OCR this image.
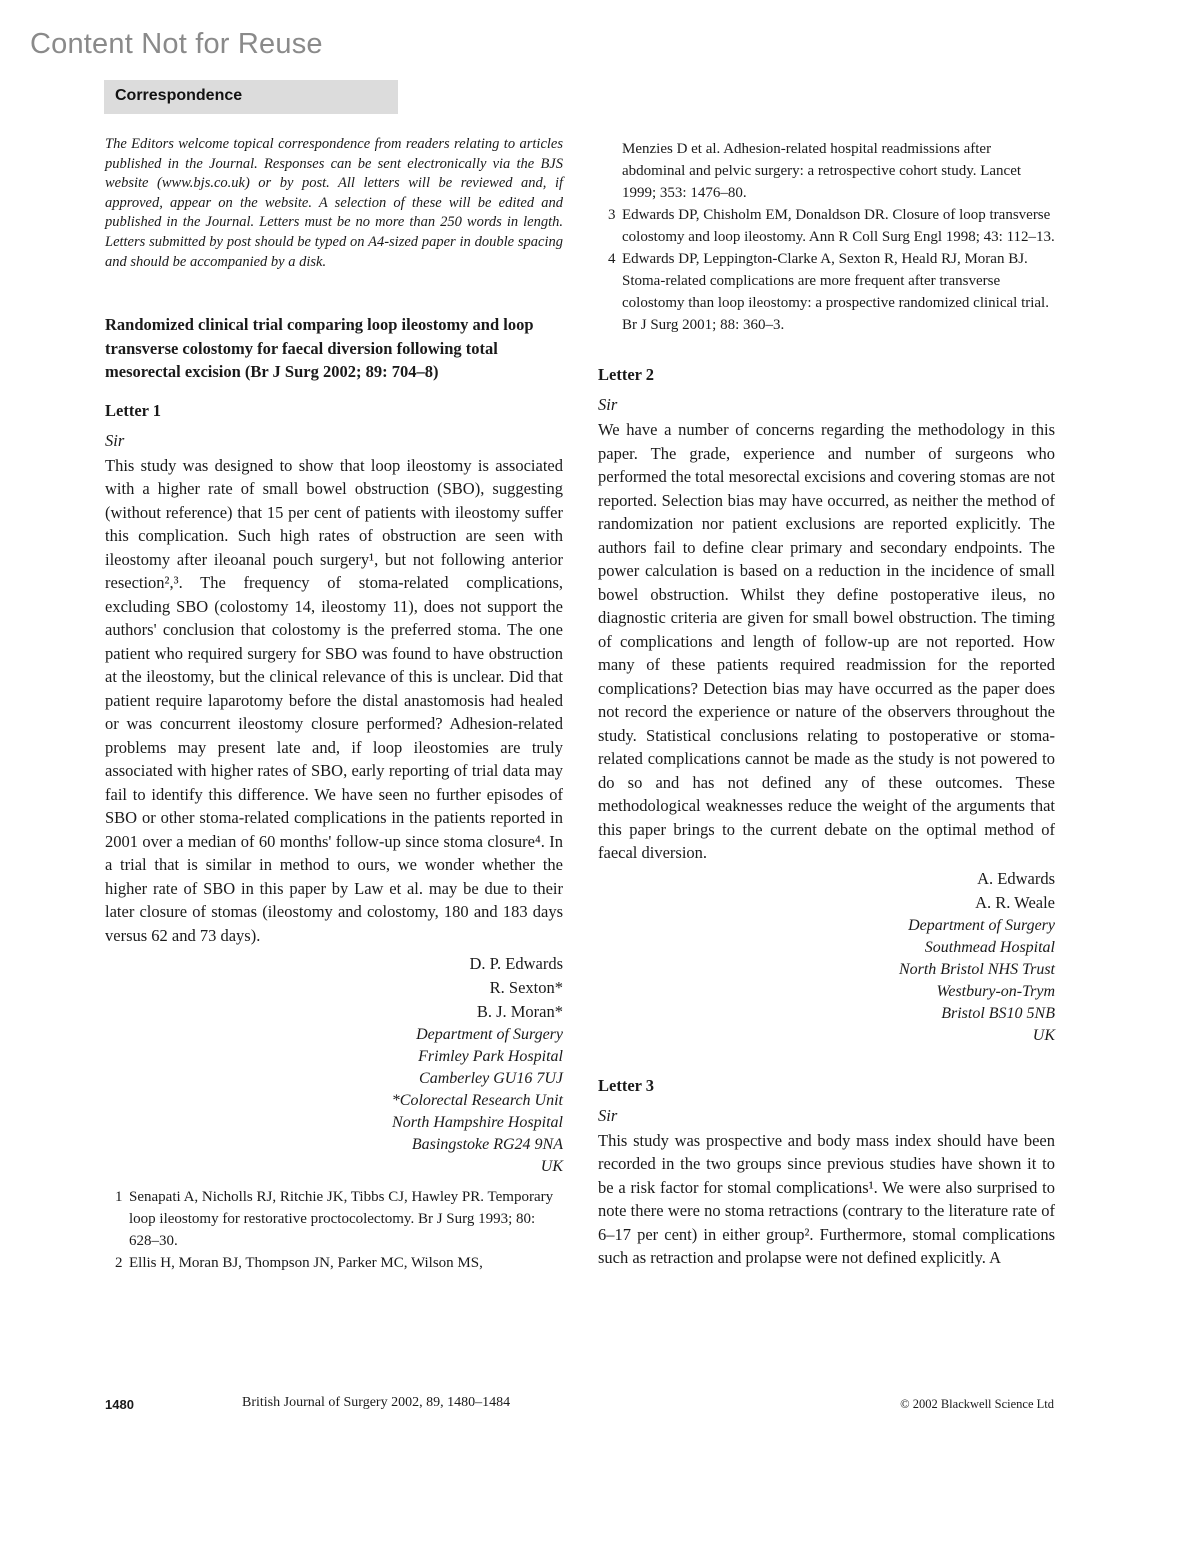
Content Not for Reuse
Correspondence

The Editors welcome topical correspondence from readers relating to articles published in the Journal. Responses can be sent electronically via the BJS website (www.bjs.co.uk) or by post. All letters will be reviewed and, if approved, appear on the website. A selection of these will be edited and published in the Journal. Letters must be no more than 250 words in length. Letters submitted by post should be typed on A4-sized paper in double spacing and should be accompanied by a disk.

Randomized clinical trial comparing loop ileostomy and loop transverse colostomy for faecal diversion following total mesorectal excision (Br J Surg 2002; 89: 704–8)
Letter 1
Sir

This study was designed to show that loop ileostomy is associated with a higher rate of small bowel obstruction (SBO), suggesting (without reference) that 15 per cent of patients with ileostomy suffer this complication. Such high rates of obstruction are seen with ileostomy after ileoanal pouch surgery¹, but not following anterior resection²,³. The frequency of stoma-related complications, excluding SBO (colostomy 14, ileostomy 11), does not support the authors' conclusion that colostomy is the preferred stoma. The one patient who required surgery for SBO was found to have obstruction at the ileostomy, but the clinical relevance of this is unclear. Did that patient require laparotomy before the distal anastomosis had healed or was concurrent ileostomy closure performed? Adhesion-related problems may present late and, if loop ileostomies are truly associated with higher rates of SBO, early reporting of trial data may fail to identify this difference. We have seen no further episodes of SBO or other stoma-related complications in the patients reported in 2001 over a median of 60 months' follow-up since stoma closure⁴. In a trial that is similar in method to ours, we wonder whether the higher rate of SBO in this paper by Law et al. may be due to their later closure of stomas (ileostomy and colostomy, 180 and 183 days versus 62 and 73 days).

D. P. Edwards
R. Sexton*
B. J. Moran*
Department of Surgery
Frimley Park Hospital
Camberley GU16 7UJ
*Colorectal Research Unit
North Hampshire Hospital
Basingstoke RG24 9NA
UK
1 Senapati A, Nicholls RJ, Ritchie JK, Tibbs CJ, Hawley PR. Temporary loop ileostomy for restorative proctocolectomy. Br J Surg 1993; 80: 628–30.
2 Ellis H, Moran BJ, Thompson JN, Parker MC, Wilson MS,
Menzies D et al. Adhesion-related hospital readmissions after abdominal and pelvic surgery: a retrospective cohort study. Lancet 1999; 353: 1476–80.
3 Edwards DP, Chisholm EM, Donaldson DR. Closure of loop transverse colostomy and loop ileostomy. Ann R Coll Surg Engl 1998; 43: 112–13.
4 Edwards DP, Leppington-Clarke A, Sexton R, Heald RJ, Moran BJ. Stoma-related complications are more frequent after transverse colostomy than loop ileostomy: a prospective randomized clinical trial. Br J Surg 2001; 88: 360–3.
Letter 2
Sir

We have a number of concerns regarding the methodology in this paper. The grade, experience and number of surgeons who performed the total mesorectal excisions and covering stomas are not reported. Selection bias may have occurred, as neither the method of randomization nor patient exclusions are reported explicitly. The authors fail to define clear primary and secondary endpoints. The power calculation is based on a reduction in the incidence of small bowel obstruction. Whilst they define postoperative ileus, no diagnostic criteria are given for small bowel obstruction. The timing of complications and length of follow-up are not reported. How many of these patients required readmission for the reported complications? Detection bias may have occurred as the paper does not record the experience or nature of the observers throughout the study. Statistical conclusions relating to postoperative or stoma-related complications cannot be made as the study is not powered to do so and has not defined any of these outcomes. These methodological weaknesses reduce the weight of the arguments that this paper brings to the current debate on the optimal method of faecal diversion.

A. Edwards
A. R. Weale
Department of Surgery
Southmead Hospital
North Bristol NHS Trust
Westbury-on-Trym
Bristol BS10 5NB
UK
Letter 3
Sir

This study was prospective and body mass index should have been recorded in the two groups since previous studies have shown it to be a risk factor for stomal complications¹. We were also surprised to note there were no stoma retractions (contrary to the literature rate of 6–17 per cent) in either group². Furthermore, stomal complications such as retraction and prolapse were not defined explicitly. A

1480	British Journal of Surgery 2002, 89, 1480–1484	© 2002 Blackwell Science Ltd
